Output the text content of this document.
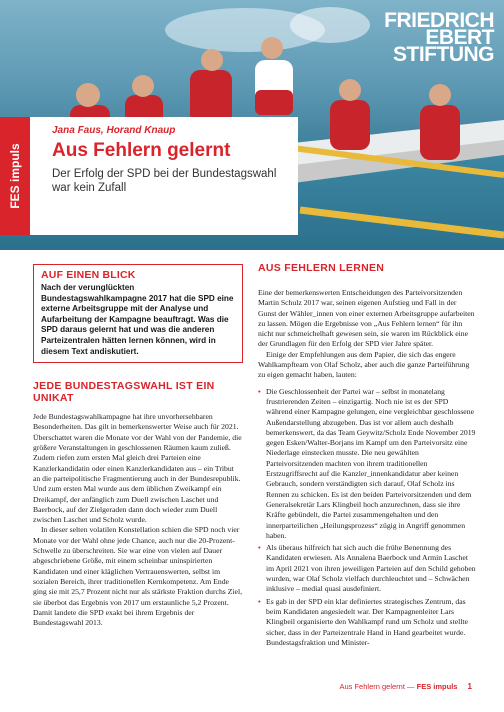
FRIEDRICH
EBERT
STIFTUNG
FES impuls
Jana Faus, Horand Knaup
Aus Fehlern gelernt
Der Erfolg der SPD bei der Bundestagswahl war kein Zufall
AUF EINEN BLICK

Nach der verunglückten Bundestagswahlkampagne 2017 hat die SPD eine externe Arbeitsgruppe mit der Analyse und Aufarbeitung der Kampagne beauftragt. Was die SPD daraus gelernt hat und was die anderen Parteizentralen hätten lernen können, wird in diesem Text andiskutiert.

JEDE BUNDESTAGSWAHL IST EIN UNIKAT

Jede Bundestagswahlkampagne hat ihre unvorhersehbaren Besonderheiten. Das gilt in bemerkenswerter Weise auch für 2021. Überschattet waren die Monate vor der Wahl von der Pandemie, die größere Veranstaltungen in geschlossenen Räumen kaum zuließ. Zudem riefen zum ersten Mal gleich drei Parteien eine Kanzlerkandidatin oder einen Kanzlerkandidaten aus – ein Tribut an die parteipolitische Fragmentierung auch in der Bundesrepublik. Und zum ersten Mal wurde aus dem üblichen Zweikampf ein Dreikampf, der anfänglich zum Duell zwischen Laschet und Baerbock, auf der Zielgeraden dann doch wieder zum Duell zwischen Laschet und Scholz wurde.

In dieser selten volatilen Konstellation schien die SPD noch vier Monate vor der Wahl ohne jede Chance, auch nur die 20-Prozent-Schwelle zu überschreiten. Sie war eine von vielen auf Dauer abgeschriebene Größe, mit einem scheinbar uninspirierten Kandidaten und einer kläglichen Vertrauenswerten, selbst im sozialen Bereich, ihrer traditionellen Kernkompetenz. Am Ende ging sie mit 25,7 Prozent nicht nur als stärkste Fraktion durchs Ziel, sie überbot das Ergebnis von 2017 um erstaunliche 5,2 Prozent. Damit landete die SPD exakt bei ihrem Ergebnis der Bundestagswahl 2013.

AUS FEHLERN LERNEN

Eine der bemerkenswerten Entscheidungen des Parteivorsitzenden Martin Schulz 2017 war, seinen eigenen Aufstieg und Fall in der Gunst der Wähler_innen von einer externen Arbeitsgruppe aufarbeiten zu lassen. Mögen die Ergebnisse von „Aus Fehlern lernen“ für ihn nicht nur schmeichelhaft gewesen sein, sie waren im Rückblick eine der Grundlagen für den Erfolg der SPD vier Jahre später.

Einige der Empfehlungen aus dem Papier, die sich das engere Wahlkampfteam von Olaf Scholz, aber auch die ganze Parteiführung zu eigen gemacht haben, lauten:

• Die Geschlossenheit der Partei war – selbst in monatelang frustrierenden Zeiten – einzigartig. Noch nie ist es der SPD während einer Kampagne gelungen, eine vergleichbar geschlossene Außendarstellung abzugeben. Das ist vor allem auch deshalb bemerkenswert, da das Team Geywitz/Scholz Ende November 2019 gegen Esken/Walter-Borjans im Kampf um den Parteivorsitz eine Niederlage einstecken musste. Die neu gewählten Parteivorsitzenden machten von ihrem traditionellen Erstzugriffsrecht auf die Kanzler_innenkandidatur aber keinen Gebrauch, sondern verständigten sich darauf, Olaf Scholz ins Rennen zu schicken. Es ist den beiden Parteivorsitzenden und dem Generalsekretär Lars Klingbeil hoch anzurechnen, dass sie ihre Kräfte gebündelt, die Partei zusammengehalten und den innerparteilichen „Heilungsprozess“ zügig in Angriff genommen haben.
• Als überaus hilfreich hat sich auch die frühe Benennung des Kandidaten erwiesen. Als Annalena Baerbock und Armin Laschet im April 2021 von ihren jeweiligen Parteien auf den Schild gehoben wurden, war Olaf Scholz vielfach durchleuchtet und – Schwächen inklusive – medial quasi ausdefiniert.
• Es gab in der SPD ein klar definiertes strategisches Zentrum, das beim Kandidaten angesiedelt war. Der Kampagnenleiter Lars Klingbeil organisierte den Wahlkampf rund um Scholz und stellte sicher, dass in der Parteizentrale Hand in Hand gearbeitet wurde. Bundestagsfraktion und Minister-
Aus Fehlern gelernt — FES impuls 1
